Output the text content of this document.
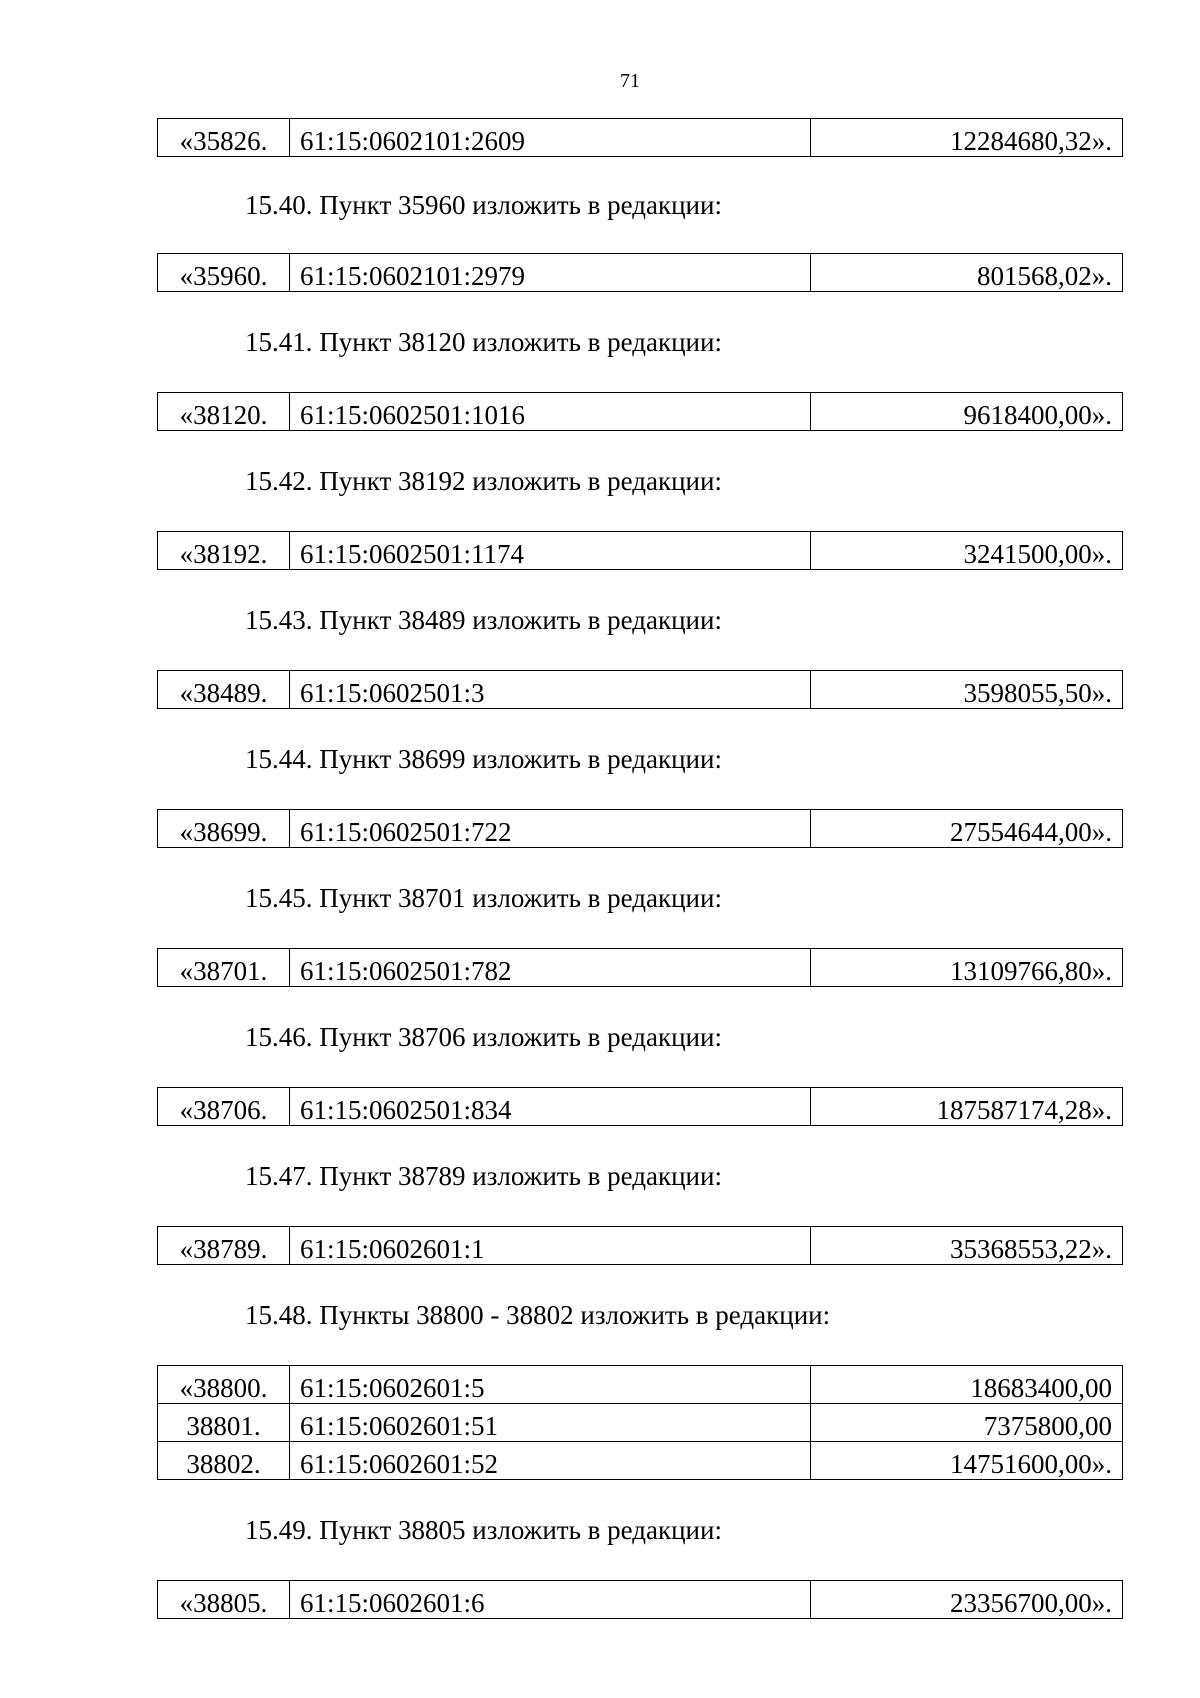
71
«35826.	61:15:0602101:2609	12284680,32».
15.40. Пункт 35960 изложить в редакции:
«35960.	61:15:0602101:2979	801568,02».
15.41. Пункт 38120 изложить в редакции:
«38120.	61:15:0602501:1016	9618400,00».
15.42. Пункт 38192 изложить в редакции:
«38192.	61:15:0602501:1174	3241500,00».
15.43. Пункт 38489 изложить в редакции:
«38489.	61:15:0602501:3	3598055,50».
15.44. Пункт 38699 изложить в редакции:
«38699.	61:15:0602501:722	27554644,00».
15.45. Пункт 38701 изложить в редакции:
«38701.	61:15:0602501:782	13109766,80».
15.46. Пункт 38706 изложить в редакции:
«38706.	61:15:0602501:834	187587174,28».
15.47. Пункт 38789 изложить в редакции:
«38789.	61:15:0602601:1	35368553,22».
15.48. Пункты 38800 - 38802 изложить в редакции:
«38800.	61:15:0602601:5	18683400,00
38801.	61:15:0602601:51	7375800,00
38802.	61:15:0602601:52	14751600,00».
15.49. Пункт 38805 изложить в редакции:
«38805.	61:15:0602601:6	23356700,00».
